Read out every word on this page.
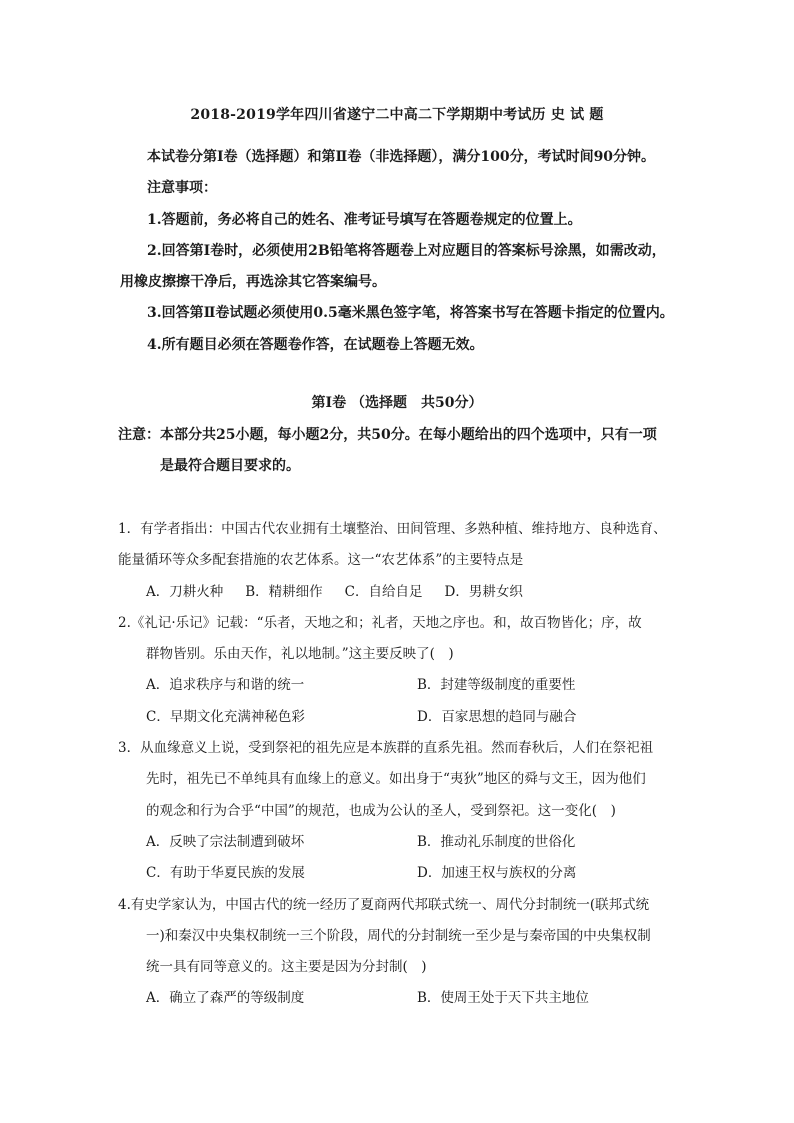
2018-2019学年四川省遂宁二中高二下学期期中考试历 史 试 题
本试卷分第Ⅰ卷（选择题）和第Ⅱ卷（非选择题），满分100分，考试时间90分钟。
注意事项：
1.答题前，务必将自己的姓名、准考证号填写在答题卷规定的位置上。
2.回答第Ⅰ卷时，必须使用2B铅笔将答题卷上对应题目的答案标号涂黑，如需改动，
用橡皮擦擦干净后，再选涂其它答案编号。
3.回答第Ⅱ卷试题必须使用0.5毫米黑色签字笔，将答案书写在答题卡指定的位置内。
4.所有题目必须在答题卷作答，在试题卷上答题无效。
第Ⅰ卷 （选择题　共50分）
注意：本部分共25小题，每小题2分，共50分。在每小题给出的四个选项中，只有一项
是最符合题目要求的。
1．有学者指出：中国古代农业拥有土壤整治、田间管理、多熟种植、维持地方、良种选育、
能量循环等众多配套措施的农艺体系。这一“农艺体系”的主要特点是
A．刀耕火种 B．精耕细作 C．自给自足 D．男耕女织
2.《礼记·乐记》记载：“乐者，天地之和；礼者，天地之序也。和，故百物皆化；序，故
群物皆别。乐由天作，礼以地制。”这主要反映了(　)
A．追求秩序与和谐的统一	B．封建等级制度的重要性
C．早期文化充满神秘色彩	D．百家思想的趋同与融合
3．从血缘意义上说，受到祭祀的祖先应是本族群的直系先祖。然而春秋后，人们在祭祀祖
先时，祖先已不单纯具有血缘上的意义。如出身于“夷狄”地区的舜与文王，因为他们
的观念和行为合乎“中国”的规范，也成为公认的圣人，受到祭祀。这一变化(　)
A．反映了宗法制遭到破坏	B．推动礼乐制度的世俗化
C．有助于华夏民族的发展	D．加速王权与族权的分离
4.有史学家认为，中国古代的统一经历了夏商两代邦联式统一、周代分封制统一(联邦式统
一)和秦汉中央集权制统一三个阶段，周代的分封制统一至少是与秦帝国的中央集权制
统一具有同等意义的。这主要是因为分封制(　)
A．确立了森严的等级制度	B．使周王处于天下共主地位
